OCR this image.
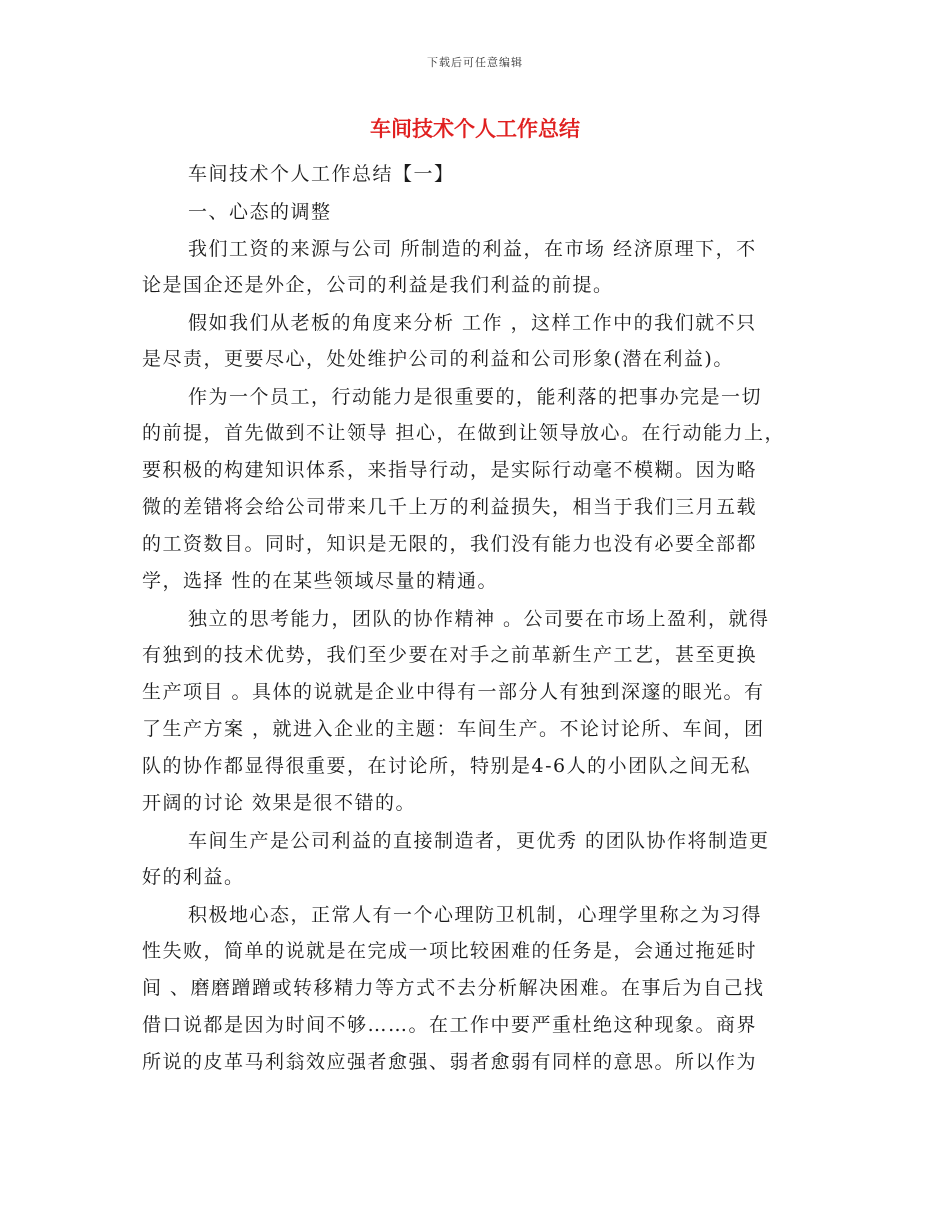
下载后可任意编辑
车间技术个人工作总结
车间技术个人工作总结【一】
一、心态的调整
我们工资的来源与公司 所制造的利益，在市场 经济原理下，不
论是国企还是外企，公司的利益是我们利益的前提。
假如我们从老板的角度来分析 工作 ，这样工作中的我们就不只
是尽责，更要尽心，处处维护公司的利益和公司形象(潜在利益)。
作为一个员工，行动能力是很重要的，能利落的把事办完是一切
的前提，首先做到不让领导 担心，在做到让领导放心。在行动能力上，
要积极的构建知识体系，来指导行动，是实际行动毫不模糊。因为略
微的差错将会给公司带来几千上万的利益损失，相当于我们三月五载
的工资数目。同时，知识是无限的，我们没有能力也没有必要全部都
学，选择 性的在某些领域尽量的精通。
独立的思考能力，团队的协作精神 。公司要在市场上盈利，就得
有独到的技术优势，我们至少要在对手之前革新生产工艺，甚至更换
生产项目 。具体的说就是企业中得有一部分人有独到深邃的眼光。有
了生产方案 ，就进入企业的主题：车间生产。不论讨论所、车间，团
队的协作都显得很重要，在讨论所，特别是4-6人的小团队之间无私
开阔的讨论 效果是很不错的。
车间生产是公司利益的直接制造者，更优秀 的团队协作将制造更
好的利益。
积极地心态，正常人有一个心理防卫机制，心理学里称之为习得
性失败，简单的说就是在完成一项比较困难的任务是，会通过拖延时
间 、磨磨蹭蹭或转移精力等方式不去分析解决困难。在事后为自己找
借口说都是因为时间不够……。在工作中要严重杜绝这种现象。商界
所说的皮革马利翁效应强者愈强、弱者愈弱有同样的意思。所以作为
